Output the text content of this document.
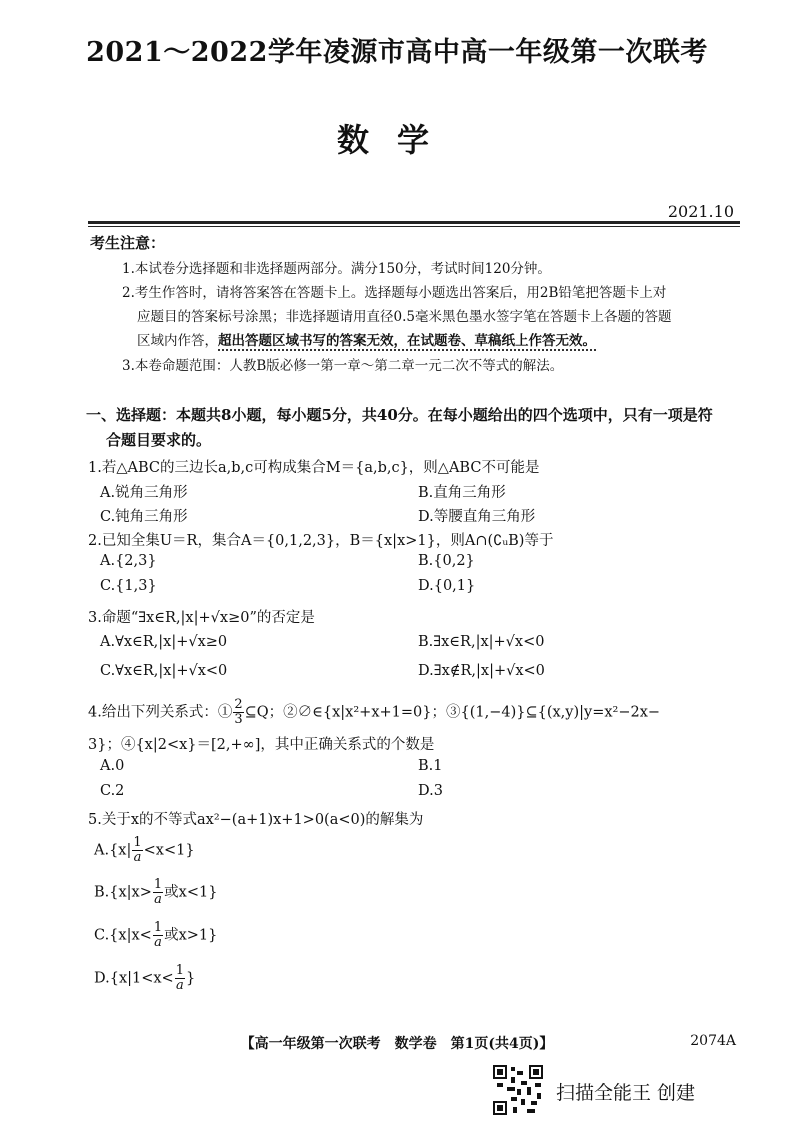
2021～2022学年凌源市高中高一年级第一次联考
数学
2021.10
考生注意：
1.本试卷分选择题和非选择题两部分。满分150分，考试时间120分钟。
2.考生作答时，请将答案答在答题卡上。选择题每小题选出答案后，用2B铅笔把答题卡上对
应题目的答案标号涂黑；非选择题请用直径0.5毫米黑色墨水签字笔在答题卡上各题的答题
区域内作答，超出答题区域书写的答案无效，在试题卷、草稿纸上作答无效。
3.本卷命题范围：人教B版必修一第一章～第二章一元二次不等式的解法。
一、选择题：本题共8小题，每小题5分，共40分。在每小题给出的四个选项中，只有一项是符
合题目要求的。
1.若△ABC的三边长a,b,c可构成集合M＝{a,b,c}，则△ABC不可能是
A.锐角三角形	B.直角三角形
C.钝角三角形	D.等腰直角三角形
2.已知全集U＝R，集合A＝{0,1,2,3}，B＝{x|x>1}，则A∩(∁ᵤB)等于
A.{2,3}	B.{0,2}
C.{1,3}	D.{0,1}
3.命题“∃x∈R,|x|+√x≥0”的否定是
A.∀x∈R,|x|+√x≥0	B.∃x∈R,|x|+√x<0
C.∀x∈R,|x|+√x<0	D.∃x∉R,|x|+√x<0
4.给出下列关系式：① $\frac{2}{3}$ ⊆Q；②∅∈{x|x²+x+1=0}；③{(1,−4)}⊆{(x,y)|y=x²−2x−
3}；④{x|2<x}＝[2,+∞]，其中正确关系式的个数是
A.0	B.1
C.2	D.3
5.关于x的不等式ax²−(a+1)x+1>0(a<0)的解集为
$A.\{x| \frac{1}{a} <x<1\}$
$B.\{x|x> \frac{1}{a}$ 或x<1}
$C.\{x|x< \frac{1}{a}$ 或x>1}
$D.\{x|1<x< \frac{1}{a}$ }
【高一年级第一次联考　数学卷　第1页(共4页)】	2074A
扫描全能王 创建
